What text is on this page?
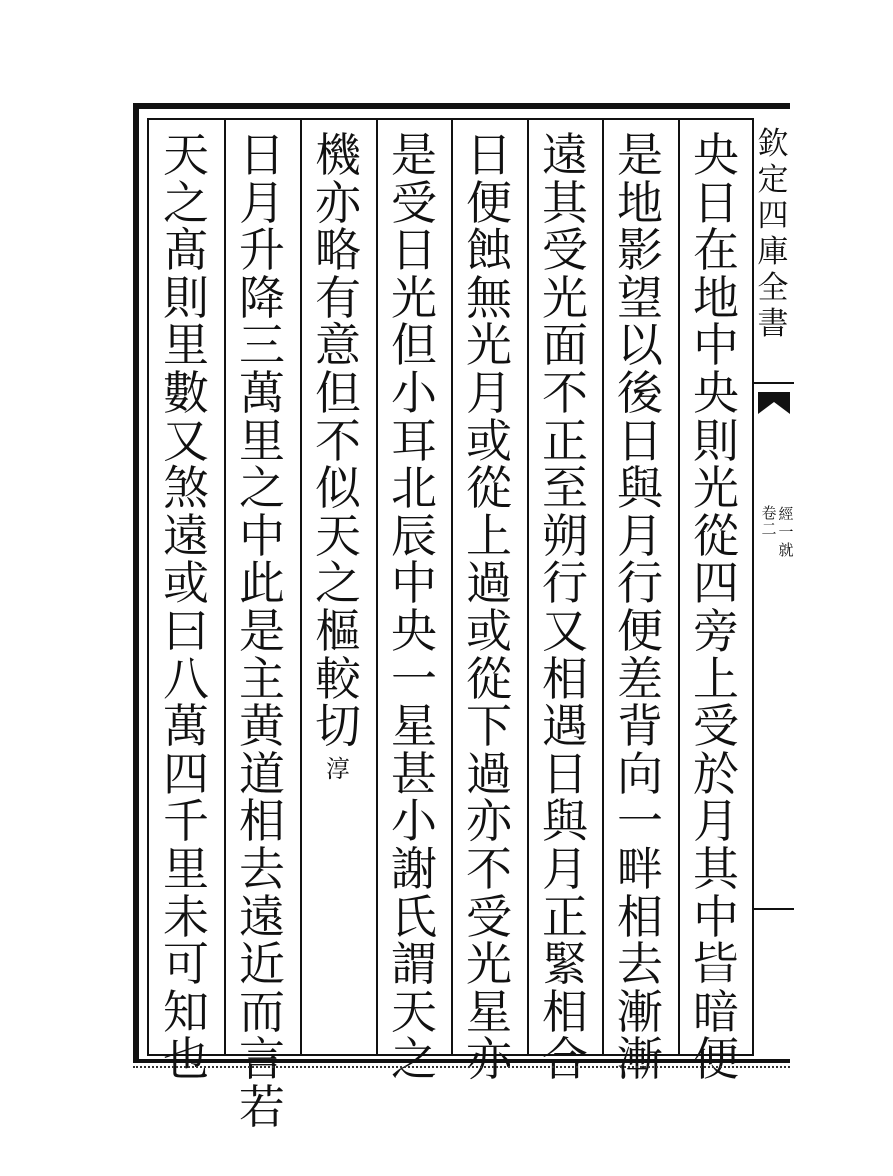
央
日
在
地
中
央
則
光
從
四
旁
上
受
於
月
其
中
𣅜
暗
便
是
地
影
望
以
後
日
與
月
行
便
差
背
向
一
畔
相
去
漸
漸
遠
其
受
光
面
不
正
至
朔
行
又
相
遇
日
與
月
正
緊
相
合
日
便
蝕
無
光
月
或
從
上
過
或
從
下
過
亦
不
受
光
星
亦
是
受
日
光
但
小
耳
北
辰
中
央
一
星
甚
小
謝
氏
謂
天
之
機
亦
略
有
意
但
不
似
天
之
樞
較
切
淳
日
月
升
降
三
萬
里
之
中
此
是
主
黄
道
相
去
遠
近
而
言
若
天
之
髙
則
里
數
又
煞
遠
或
曰
八
萬
四
千
里
未
可
知
也
欽
定
四
庫
全
書
卷
二
經
一
就
